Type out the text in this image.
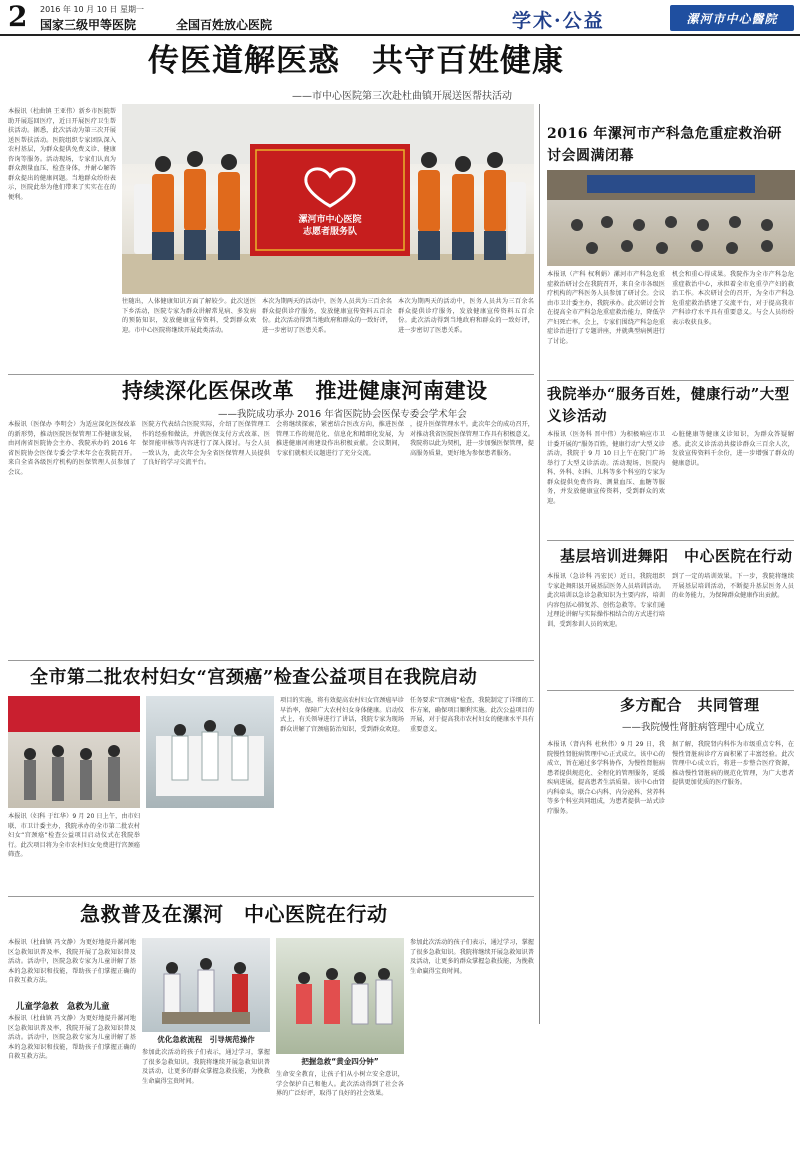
2 2016 年 10 月 10 日 星期一
国家三级甲等医院	全国百姓放心医院	学术·公益	漯河市中心醫院
传医道解医惑　共守百姓健康
——市中心医院第三次赴杜曲镇开展送医帮扶活动
本报讯（杜曲镇 王亚伟）新乡市医院帮助开展巡回医疗，近日开展医疗卫生帮扶活动。据悉，此次活动为第三次开展送医帮扶活动。医院组织专家团队深入农村基层，为群众提供免费义诊、健康咨询等服务。活动现场，专家们认真为群众测量血压、检查身体，并耐心解答群众提出的健康问题。当地群众纷纷表示，医院此举为他们带来了实实在在的便利。
漯河市中心医院
志愿者服务队
往随出，人体健康知识方面了解较少。此次送医下乡活动，医院专家为群众讲解常见病、多发病的预防知识，发放健康宣传资料，受到群众欢迎。市中心医院将继续开展此类活动。
本次为期两天的活动中，医务人员共为三百余名群众提供诊疗服务，发放健康宣传资料五百余份。此次活动得到当地政府和群众的一致好评，进一步密切了医患关系。
本次为期两天的活动中，医务人员共为三百余名群众提供诊疗服务，发放健康宣传资料五百余份。此次活动得到当地政府和群众的一致好评，进一步密切了医患关系。
2016 年漯河市产科急危重症救治研讨会圆满闭幕
本报讯（产科 权利娟）漯河市产科急危重症救治研讨会在我院召开，来自全市各级医疗机构的产科医务人员参加了研讨会。会议由市卫计委主办，我院承办。此次研讨会旨在提高全市产科急危重症救治能力，降低孕产妇死亡率。会上，专家们围绕产科急危重症诊治进行了专题讲座，并就典型病例进行了讨论。
机会和重心得成果。我院作为全市产科急危重症救治中心，承担着全市危重孕产妇的救治工作。本次研讨会的召开，为全市产科急危重症救治搭建了交流平台，对于提高我市产科诊疗水平具有重要意义。与会人员纷纷表示收获良多。
持续深化医保改革　推进健康河南建设
——我院成功承办 2016 年省医院协会医保专委会学术年会
本报讯（医保办 李明会）为适应深化医保改革的新形势，推动医院医保管理工作健康发展，由河南省医院协会主办、我院承办的 2016 年省医院协会医保专委会学术年会在我院召开。来自全省各级医疗机构的医保管理人员参加了会议。
医院方代表结合医院实际，介绍了医保管理工作的经验和做法，并就医保支付方式改革、医保智能审核等内容进行了深入探讨。与会人员一致认为，此次年会为全省医保管理人员提供了良好的学习交流平台。
会将继续探索，紧密结合医改方向，推进医保管理工作的规范化、信息化和精细化发展，为推进健康河南建设作出积极贡献。会议期间，专家们就相关议题进行了充分交流。
，提升医保管理水平。此次年会的成功召开，对推动我省医院医保管理工作具有积极意义。我院将以此为契机，进一步加强医保管理，提高服务质量，更好地为参保患者服务。
我院举办“服务百姓，健康行动”大型义诊活动
本报讯（医务科 晋中伟）为积极响应市卫计委开展的“服务百姓，健康行动”大型义诊活动，我院于 9 月 10 日上午在院门广场举行了大型义诊活动。活动现场，医院内科、外科、妇科、儿科等多个科室的专家为群众提供免费咨询、测量血压、血糖等服务，并发放健康宣传资料，受到群众的欢迎。
心脏健康等健康义诊知识，为群众答疑解惑。此次义诊活动共接诊群众三百余人次，发放宣传资料千余份，进一步增强了群众的健康意识。
基层培训进舞阳　中心医院在行动
本报讯（急诊科 冯宏民）近日，我院组织专家赴舞阳县开展基层医务人员培训活动。此次培训以急诊急救知识为主要内容，培训内容包括心肺复苏、创伤急救等。专家们通过理论讲解与实际操作相结合的方式进行培训，受到参训人员的欢迎。
到了一定的培训效果。下一步，我院将继续开展基层培训活动，不断提升基层医务人员的业务能力，为保障群众健康作出贡献。
全市第二批农村妇女“宫颈癌”检查公益项目在我院启动
本报讯（妇科 于红华）9 月 20 日上午，由市妇联、市卫计委主办，我院承办的全市第二批农村妇女“宫颈癌”检查公益项目启动仪式在我院举行。此次项目将为全市农村妇女免费进行宫颈癌筛查。
项目的实施，将有效提高农村妇女宫颈癌早诊早治率，保障广大农村妇女身体健康。启动仪式上，有关领导进行了讲话，我院专家为现场群众讲解了宫颈癌防治知识，受到群众欢迎。
任务要求“宫颈癌”检查，我院制定了详细的工作方案，确保项目顺利实施。此次公益项目的开展，对于提高我市农村妇女的健康水平具有重要意义。
多方配合　共同管理
——我院慢性肾脏病管理中心成立
本报讯（肾内科 杜秋伟）9 月 29 日，我院慢性肾脏病管理中心正式成立。该中心的成立，旨在通过多学科协作，为慢性肾脏病患者提供规范化、全程化的管理服务，延缓疾病进展，提高患者生活质量。该中心由肾内科牵头，联合心内科、内分泌科、营养科等多个科室共同组成，为患者提供一站式诊疗服务。
据了解，我院肾内科作为市级重点专科，在慢性肾脏病诊疗方面积累了丰富经验。此次管理中心成立后，将进一步整合医疗资源，推动慢性肾脏病的规范化管理，为广大患者提供更加优质的医疗服务。
急救普及在漯河　中心医院在行动
本报讯（杜曲镇 冯文静）为更好地提升漯河地区急救知识普及率，我院开展了急救知识普及活动。活动中，医院急救专家为儿童讲解了基本的急救知识和技能，帮助孩子们掌握正确的自救互救方法。
儿童学急救　急救为儿童
本报讯（杜曲镇 冯文静）为更好地提升漯河地区急救知识普及率，我院开展了急救知识普及活动。活动中，医院急救专家为儿童讲解了基本的急救知识和技能，帮助孩子们掌握正确的自救互救方法。
优化急救流程　引导规范操作
参加此次活动的孩子们表示，通过学习，掌握了很多急救知识。我院将继续开展急救知识普及活动，让更多的群众掌握急救技能，为挽救生命赢得宝贵时间。
把握急救“黄金四分钟”
生命安全教育，让孩子们从小树立安全意识，学会保护自己和他人。此次活动得到了社会各界的广泛好评，取得了良好的社会效果。
参加此次活动的孩子们表示，通过学习，掌握了很多急救知识。我院将继续开展急救知识普及活动，让更多的群众掌握急救技能，为挽救生命赢得宝贵时间。
